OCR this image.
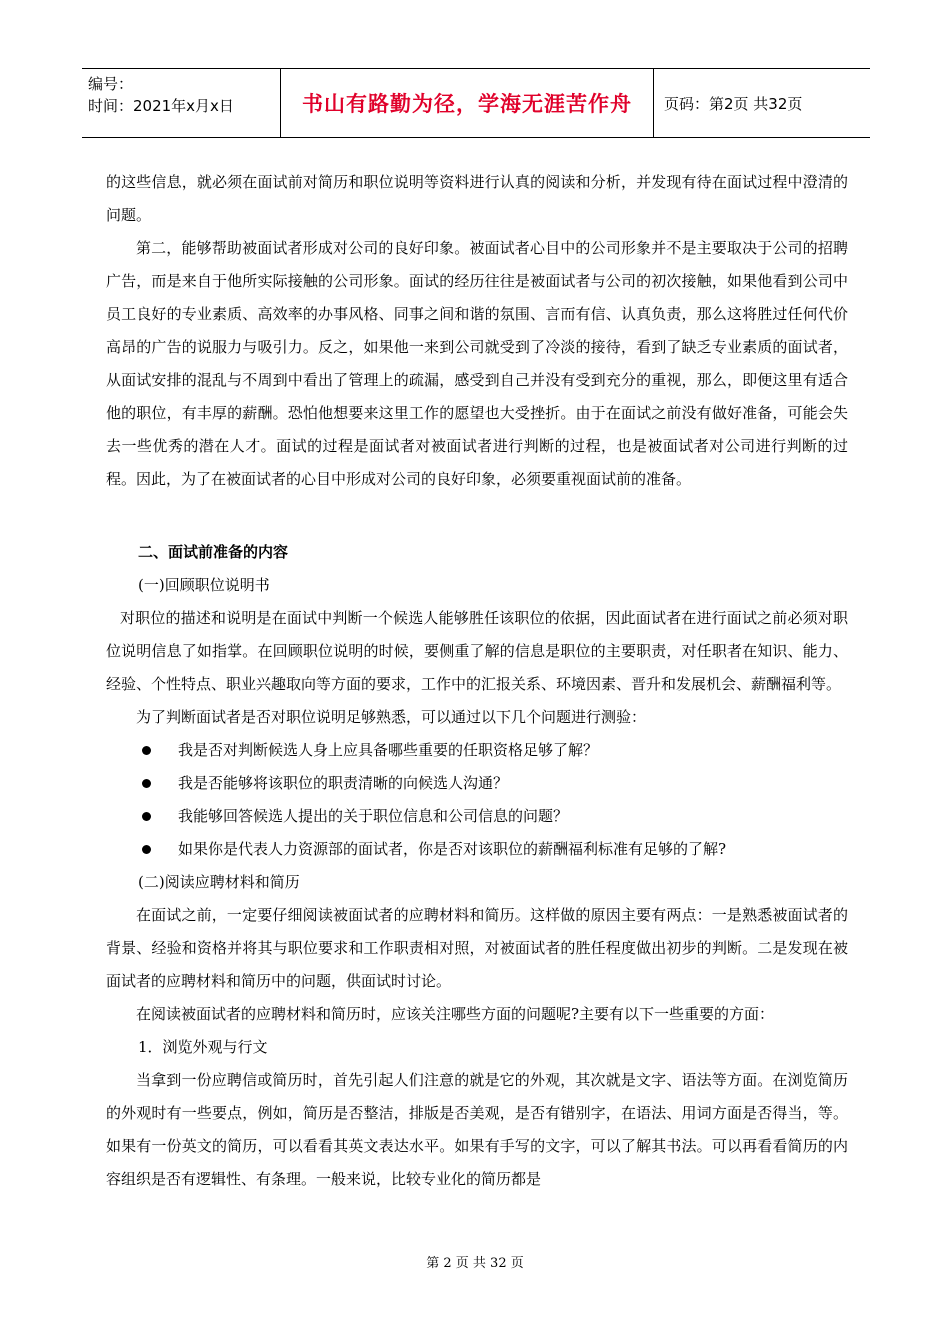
编号：
时间：2021年x月x日	书山有路勤为径，学海无涯苦作舟	页码：第2页 共32页

的这些信息，就必须在面试前对简历和职位说明等资料进行认真的阅读和分析，并发现有待在面试过程中澄清的问题。

第二，能够帮助被面试者形成对公司的良好印象。被面试者心目中的公司形象并不是主要取决于公司的招聘广告，而是来自于他所实际接触的公司形象。面试的经历往往是被面试者与公司的初次接触，如果他看到公司中员工良好的专业素质、高效率的办事风格、同事之间和谐的氛围、言而有信、认真负责，那么这将胜过任何代价高昂的广告的说服力与吸引力。反之，如果他一来到公司就受到了冷淡的接待，看到了缺乏专业素质的面试者，从面试安排的混乱与不周到中看出了管理上的疏漏，感受到自己并没有受到充分的重视，那么，即便这里有适合他的职位，有丰厚的薪酬。恐怕他想要来这里工作的愿望也大受挫折。由于在面试之前没有做好准备，可能会失去一些优秀的潜在人才。面试的过程是面试者对被面试者进行判断的过程，也是被面试者对公司进行判断的过程。因此，为了在被面试者的心目中形成对公司的良好印象，必须要重视面试前的准备。

二、面试前准备的内容

(一)回顾职位说明书

对职位的描述和说明是在面试中判断一个候选人能够胜任该职位的依据，因此面试者在进行面试之前必须对职位说明信息了如指掌。在回顾职位说明的时候，要侧重了解的信息是职位的主要职责，对任职者在知识、能力、经验、个性特点、职业兴趣取向等方面的要求，工作中的汇报关系、环境因素、晋升和发展机会、薪酬福利等。

为了判断面试者是否对职位说明足够熟悉，可以通过以下几个问题进行测验：

我是否对判断候选人身上应具备哪些重要的任职资格足够了解？
我是否能够将该职位的职责清晰的向候选人沟通？
我能够回答候选人提出的关于职位信息和公司信息的问题？
如果你是代表人力资源部的面试者，你是否对该职位的薪酬福利标准有足够的了解?

(二)阅读应聘材料和简历

在面试之前，一定要仔细阅读被面试者的应聘材料和简历。这样做的原因主要有两点：一是熟悉被面试者的背景、经验和资格并将其与职位要求和工作职责相对照，对被面试者的胜任程度做出初步的判断。二是发现在被面试者的应聘材料和简历中的问题，供面试时讨论。

在阅读被面试者的应聘材料和简历时，应该关注哪些方面的问题呢?主要有以下一些重要的方面：

1．浏览外观与行文

当拿到一份应聘信或简历时，首先引起人们注意的就是它的外观，其次就是文字、语法等方面。在浏览简历的外观时有一些要点，例如，简历是否整洁，排版是否美观，是否有错别字，在语法、用词方面是否得当，等。如果有一份英文的简历，可以看看其英文表达水平。如果有手写的文字，可以了解其书法。可以再看看简历的内容组织是否有逻辑性、有条理。一般来说，比较专业化的简历都是

第 2 页 共 32 页
